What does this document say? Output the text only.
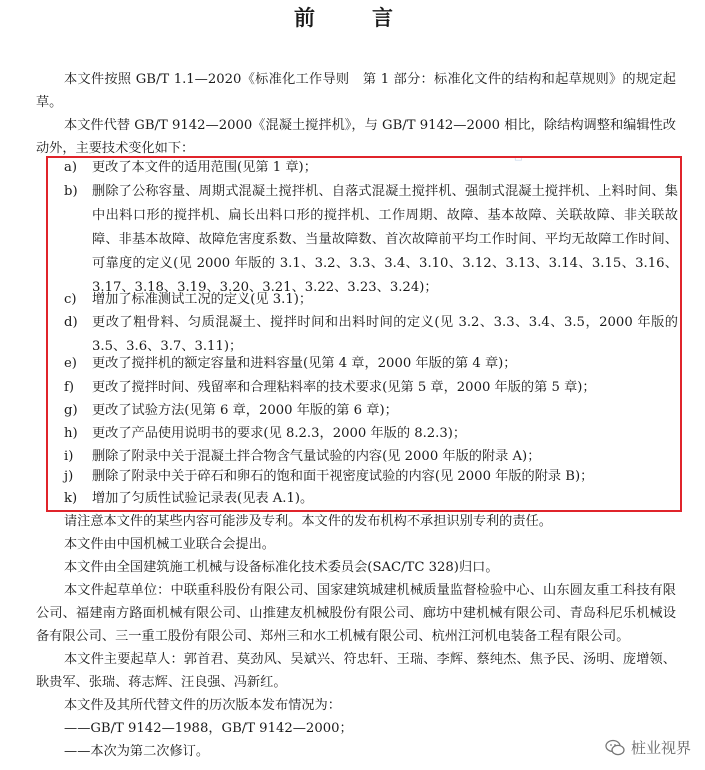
前　言
本文件按照 GB/T 1.1—2020《标准化工作导则　第 1 部分：标准化文件的结构和起草规则》的规定起草。
本文件代替 GB/T 9142—2000《混凝土搅拌机》，与 GB/T 9142—2000 相比，除结构调整和编辑性改动外，主要技术变化如下：
▭
a)	更改了本文件的适用范围(见第 1 章)；
b)	删除了公称容量、周期式混凝土搅拌机、自落式混凝土搅拌机、强制式混凝土搅拌机、上料时间、集中出料口形的搅拌机、扁长出料口形的搅拌机、工作周期、故障、基本故障、关联故障、非关联故障、非基本故障、故障危害度系数、当量故障数、首次故障前平均工作时间、平均无故障工作时间、可靠度的定义(见 2000 年版的 3.1、3.2、3.3、3.4、3.10、3.12、3.13、3.14、3.15、3.16、3.17、3.18、3.19、3.20、3.21、3.22、3.23、3.24)；
c)	增加了标准测试工况的定义(见 3.1)；
d)	更改了粗骨料、匀质混凝土、搅拌时间和出料时间的定义(见 3.2、3.3、3.4、3.5，2000 年版的3.5、3.6、3.7、3.11)；
e)	更改了搅拌机的额定容量和进料容量(见第 4 章，2000 年版的第 4 章)；
f)	更改了搅拌时间、残留率和合理粘料率的技术要求(见第 5 章，2000 年版的第 5 章)；
g)	更改了试验方法(见第 6 章，2000 年版的第 6 章)；
h)	更改了产品使用说明书的要求(见 8.2.3，2000 年版的 8.2.3)；
i)	删除了附录中关于混凝土拌合物含气量试验的内容(见 2000 年版的附录 A)；
j)	删除了附录中关于碎石和卵石的饱和面干视密度试验的内容(见 2000 年版的附录 B)；
k)	增加了匀质性试验记录表(见表 A.1)。
请注意本文件的某些内容可能涉及专利。本文件的发布机构不承担识别专利的责任。
本文件由中国机械工业联合会提出。
本文件由全国建筑施工机械与设备标准化技术委员会(SAC/TC 328)归口。
本文件起草单位：中联重科股份有限公司、国家建筑城建机械质量监督检验中心、山东圆友重工科技有限公司、福建南方路面机械有限公司、山推建友机械股份有限公司、廊坊中建机械有限公司、青岛科尼乐机械设备有限公司、三一重工股份有限公司、郑州三和水工机械有限公司、杭州江河机电装备工程有限公司。
本文件主要起草人：郭首君、莫劲风、吴斌兴、符忠轩、王瑞、李辉、蔡纯杰、焦予民、汤明、庞增领、耿贵军、张瑞、蒋志辉、汪良强、冯新红。
本文件及其所代替文件的历次版本发布情况为：
——GB/T 9142—1988，GB/T 9142—2000；
——本次为第二次修订。	桩业视界
